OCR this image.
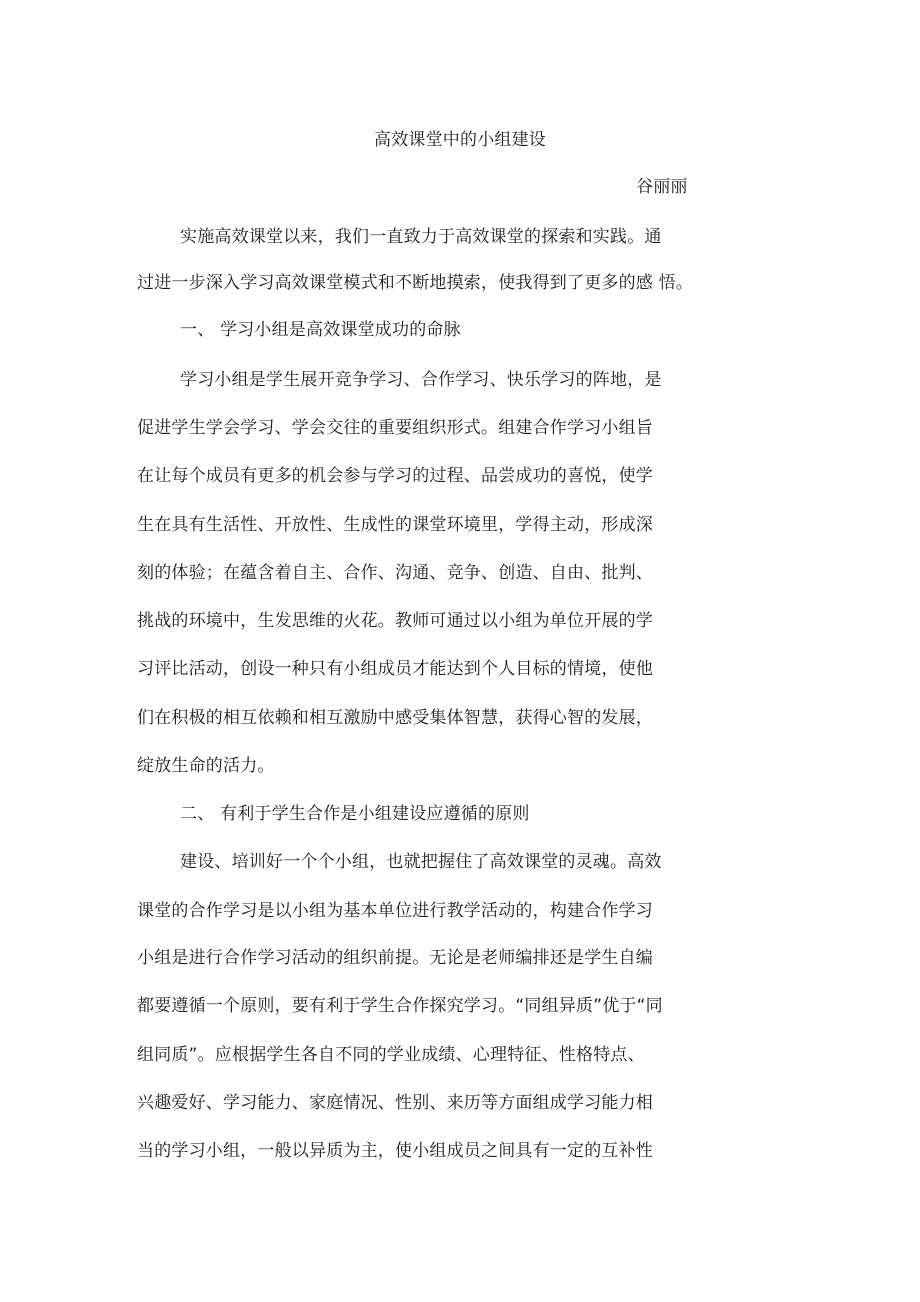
高效课堂中的小组建设
谷丽丽
实施高效课堂以来，我们一直致力于高效课堂的探索和实践。通
过进一步深入学习高效课堂模式和不断地摸索，使我得到了更多的感 悟。
一、 学习小组是高效课堂成功的命脉
学习小组是学生展开竞争学习、合作学习、快乐学习的阵地，是
促进学生学会学习、学会交往的重要组织形式。组建合作学习小组旨
在让每个成员有更多的机会参与学习的过程、品尝成功的喜悦，使学
生在具有生活性、开放性、生成性的课堂环境里，学得主动，形成深
刻的体验；在蕴含着自主、合作、沟通、竞争、创造、自由、批判、
挑战的环境中，生发思维的火花。教师可通过以小组为单位开展的学
习评比活动，创设一种只有小组成员才能达到个人目标的情境，使他
们在积极的相互依赖和相互激励中感受集体智慧，获得心智的发展，
绽放生命的活力。
二、 有利于学生合作是小组建设应遵循的原则
建设、培训好一个个小组，也就把握住了高效课堂的灵魂。高效
课堂的合作学习是以小组为基本单位进行教学活动的，构建合作学习
小组是进行合作学习活动的组织前提。无论是老师编排还是学生自编
都要遵循一个原则，要有利于学生合作探究学习。“同组异质”优于“同
组同质”。应根据学生各自不同的学业成绩、心理特征、性格特点、
兴趣爱好、学习能力、家庭情况、性别、来历等方面组成学习能力相
当的学习小组，一般以异质为主，使小组成员之间具有一定的互补性
